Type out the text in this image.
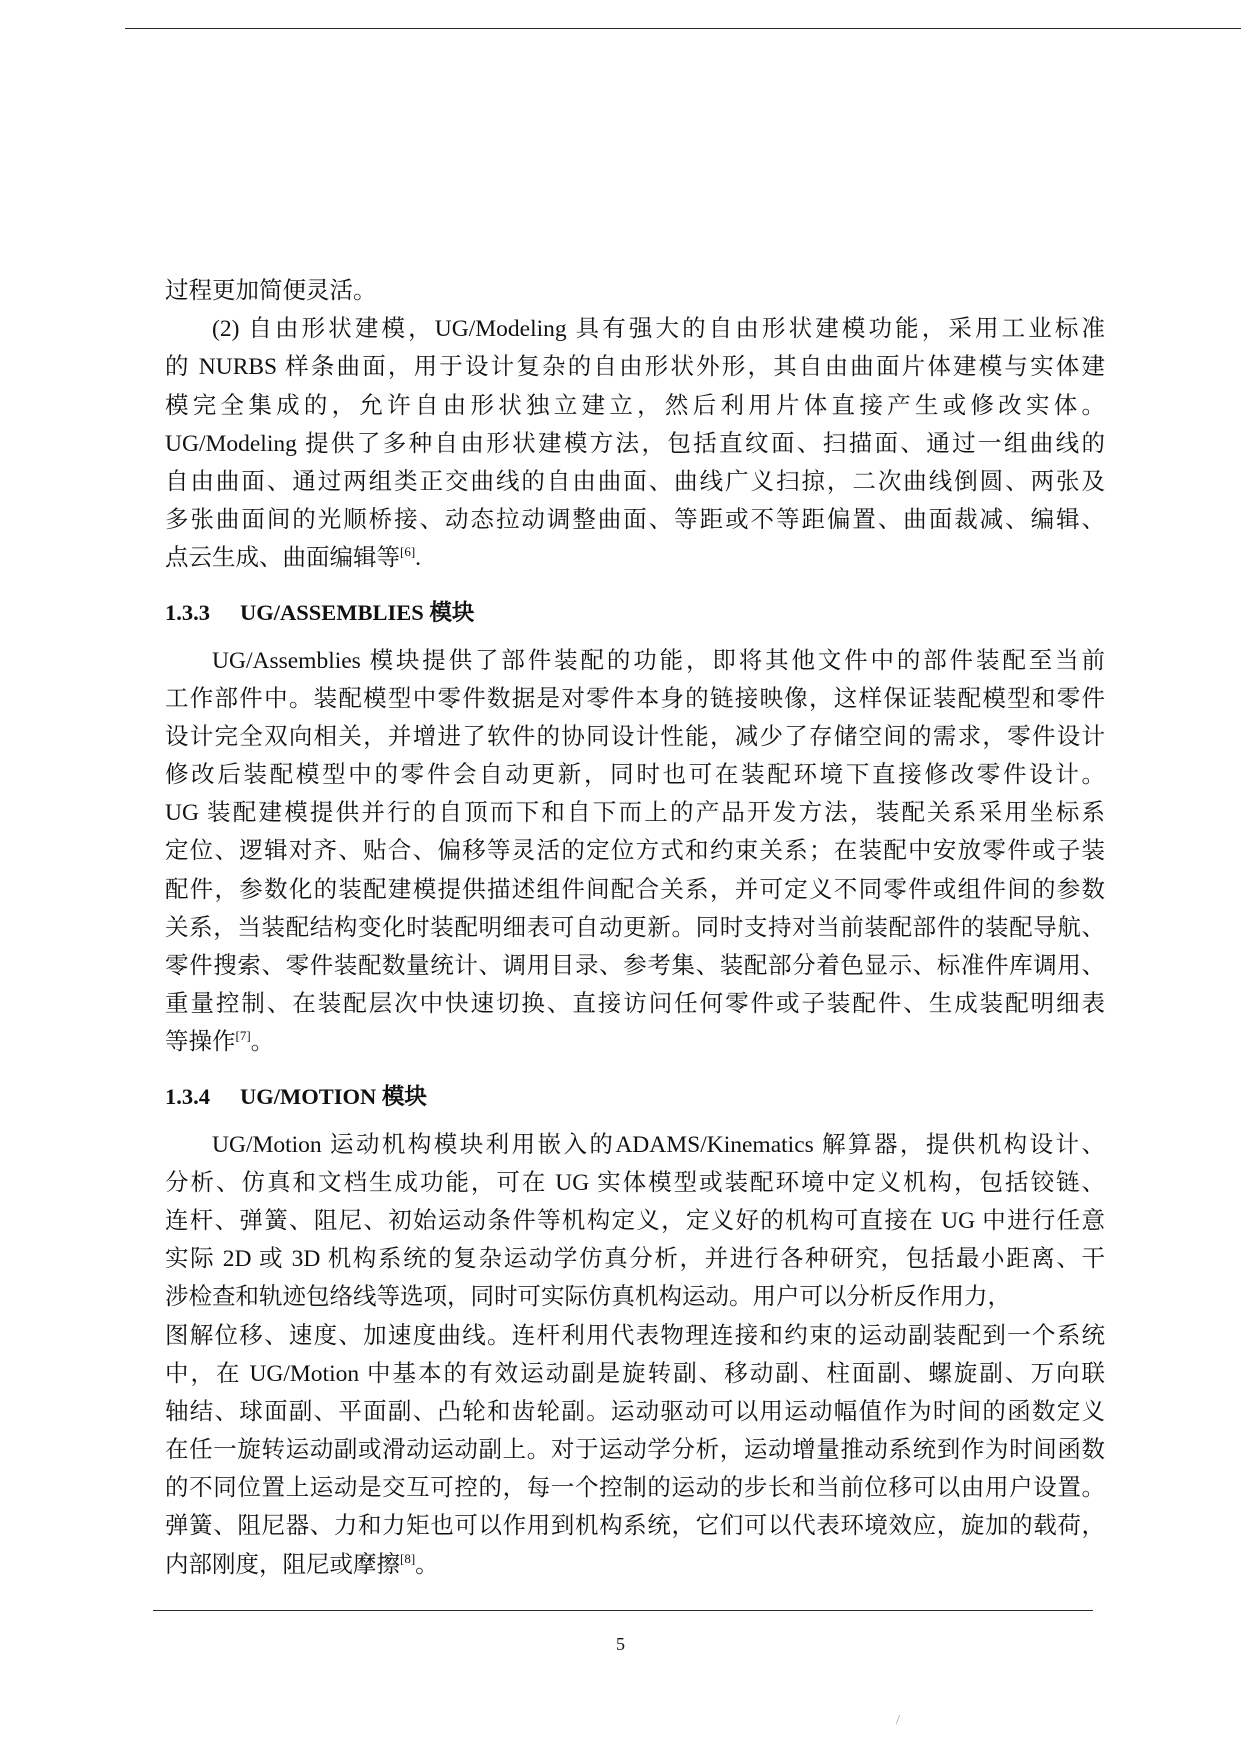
过程更加简便灵活。
(2) 自由形状建模，UG/Modeling 具有强大的自由形状建模功能，采用工业标准
的 NURBS 样条曲面，用于设计复杂的自由形状外形，其自由曲面片体建模与实体建
模完全集成的，允许自由形状独立建立，然后利用片体直接产生或修改实体。
UG/Modeling 提供了多种自由形状建模方法，包括直纹面、扫描面、通过一组曲线的
自由曲面、通过两组类正交曲线的自由曲面、曲线广义扫掠，二次曲线倒圆、两张及
多张曲面间的光顺桥接、动态拉动调整曲面、等距或不等距偏置、曲面裁减、编辑、
点云生成、曲面编辑等[6].
1.3.3 UG/ASSEMBLIES 模块
UG/Assemblies 模块提供了部件装配的功能，即将其他文件中的部件装配至当前
工作部件中。装配模型中零件数据是对零件本身的链接映像，这样保证装配模型和零件
设计完全双向相关，并增进了软件的协同设计性能，减少了存储空间的需求，零件设计
修改后装配模型中的零件会自动更新，同时也可在装配环境下直接修改零件设计。
UG 装配建模提供并行的自顶而下和自下而上的产品开发方法，装配关系采用坐标系
定位、逻辑对齐、贴合、偏移等灵活的定位方式和约束关系；在装配中安放零件或子装
配件，参数化的装配建模提供描述组件间配合关系，并可定义不同零件或组件间的参数
关系，当装配结构变化时装配明细表可自动更新。同时支持对当前装配部件的装配导航、
零件搜索、零件装配数量统计、调用目录、参考集、装配部分着色显示、标准件库调用、
重量控制、在装配层次中快速切换、直接访问任何零件或子装配件、生成装配明细表
等操作[7]。
1.3.4 UG/MOTION 模块
UG/Motion 运动机构模块利用嵌入的ADAMS/Kinematics 解算器，提供机构设计、
分析、仿真和文档生成功能，可在 UG 实体模型或装配环境中定义机构，包括铰链、
连杆、弹簧、阻尼、初始运动条件等机构定义，定义好的机构可直接在 UG 中进行任意
实际 2D 或 3D 机构系统的复杂运动学仿真分析，并进行各种研究，包括最小距离、干
涉检查和轨迹包络线等选项，同时可实际仿真机构运动。用户可以分析反作用力，
图解位移、速度、加速度曲线。连杆利用代表物理连接和约束的运动副装配到一个系统
中，在 UG/Motion 中基本的有效运动副是旋转副、移动副、柱面副、螺旋副、万向联
轴结、球面副、平面副、凸轮和齿轮副。运动驱动可以用运动幅值作为时间的函数定义
在任一旋转运动副或滑动运动副上。对于运动学分析，运动增量推动系统到作为时间函数
的不同位置上运动是交互可控的，每一个控制的运动的步长和当前位移可以由用户设置。
弹簧、阻尼器、力和力矩也可以作用到机构系统，它们可以代表环境效应，旋加的载荷，
内部刚度，阻尼或摩擦[8]。
5
/
